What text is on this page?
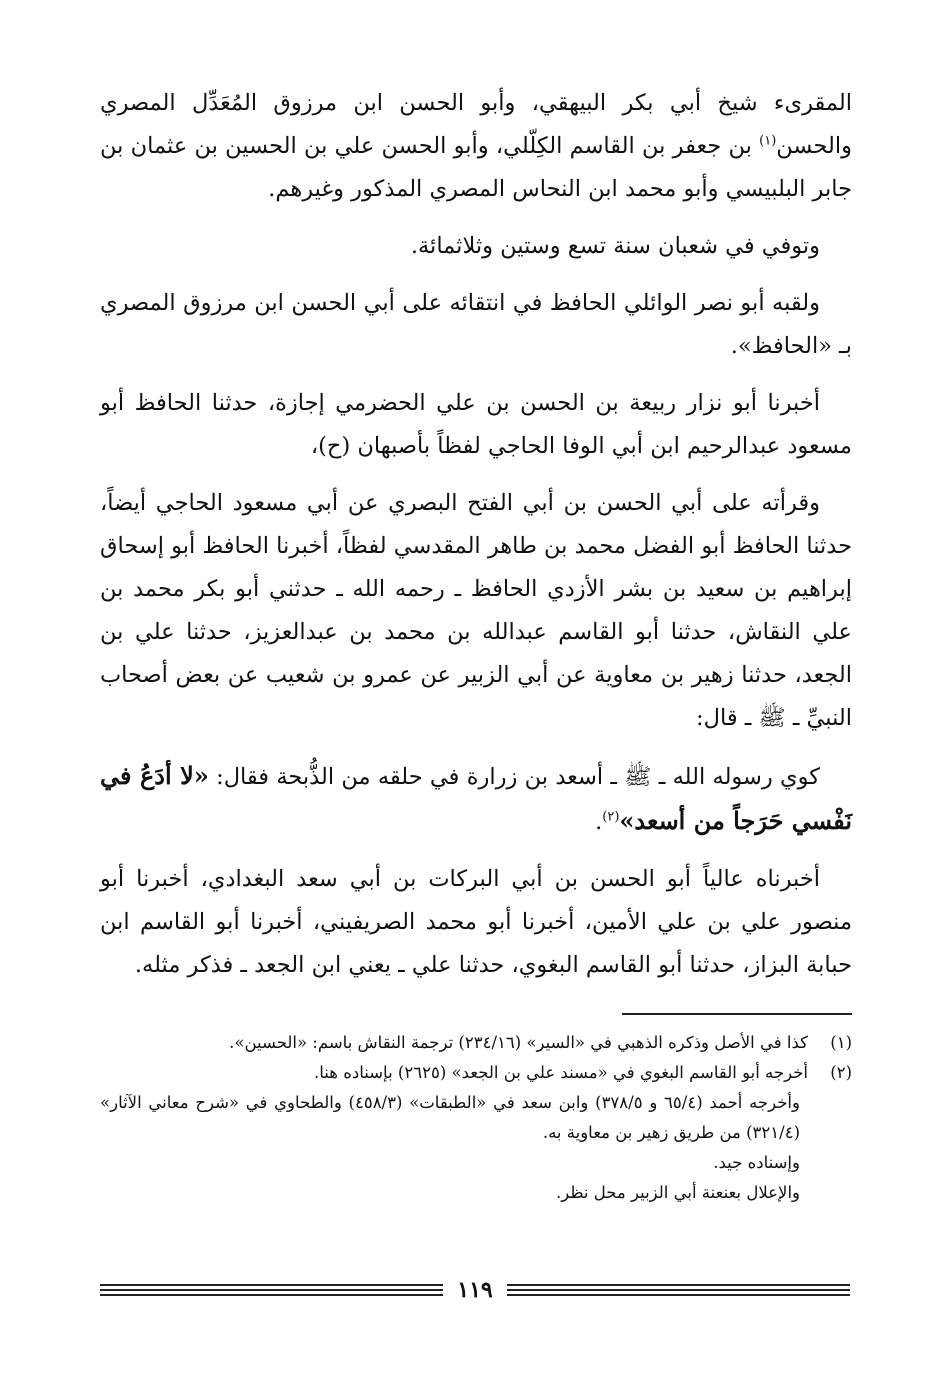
المقرىء شيخ أبي بكر البيهقي، وأبو الحسن ابن مرزوق المُعَدِّل المصري والحسن$^{(١)}$ بن جعفر بن القاسم الكِلّلي، وأبو الحسن علي بن الحسين بن عثمان بن جابر البلبيسي وأبو محمد ابن النحاس المصري المذكور وغيرهم.

وتوفي في شعبان سنة تسع وستين وثلاثمائة.

ولقبه أبو نصر الوائلي الحافظ في انتقائه على أبي الحسن ابن مرزوق المصري بـ «الحافظ».

أخبرنا أبو نزار ربيعة بن الحسن بن علي الحضرمي إجازة، حدثنا الحافظ أبو مسعود عبدالرحيم ابن أبي الوفا الحاجي لفظاً بأصبهان (ح)،

وقرأته على أبي الحسن بن أبي الفتح البصري عن أبي مسعود الحاجي أيضاً، حدثنا الحافظ أبو الفضل محمد بن طاهر المقدسي لفظاً، أخبرنا الحافظ أبو إسحاق إبراهيم بن سعيد بن بشر الأزدي الحافظ ـ رحمه الله ـ حدثني أبو بكر محمد بن علي النقاش، حدثنا أبو القاسم عبدالله بن محمد بن عبدالعزيز، حدثنا علي بن الجعد، حدثنا زهير بن معاوية عن أبي الزبير عن عمرو بن شعيب عن بعض أصحاب النبيِّ ـ ﷺ ـ قال:

كوي رسوله الله ـ ﷺ ـ أسعد بن زرارة في حلقه من الذُّبحة فقال: «لا أدَعُ في نَفْسي حَرَجاً من أسعد»$^{(٢)}$.

أخبرناه عالياً أبو الحسن بن أبي البركات بن أبي سعد البغدادي، أخبرنا أبو منصور علي بن علي الأمين، أخبرنا أبو محمد الصريفيني، أخبرنا أبو القاسم ابن حبابة البزاز، حدثنا أبو القاسم البغوي، حدثنا علي ـ يعني ابن الجعد ـ فذكر مثله.

(١)كذا في الأصل وذكره الذهبي في «السير» (٢٣٤/١٦) ترجمة النقاش باسم: «الحسين».

(٢)أخرجه أبو القاسم البغوي في «مسند علي بن الجعد» (٢٦٢٥) بإسناده هنا.

وأخرجه أحمد (٦٥/٤ و ٣٧٨/٥) وابن سعد في «الطبقات» (٤٥٨/٣) والطحاوي في «شرح معاني الآثار» (٣٢١/٤) من طريق زهير بن معاوية به.

وإسناده جيد.

والإعلال بعنعنة أبي الزبير محل نظر.

١١٩
